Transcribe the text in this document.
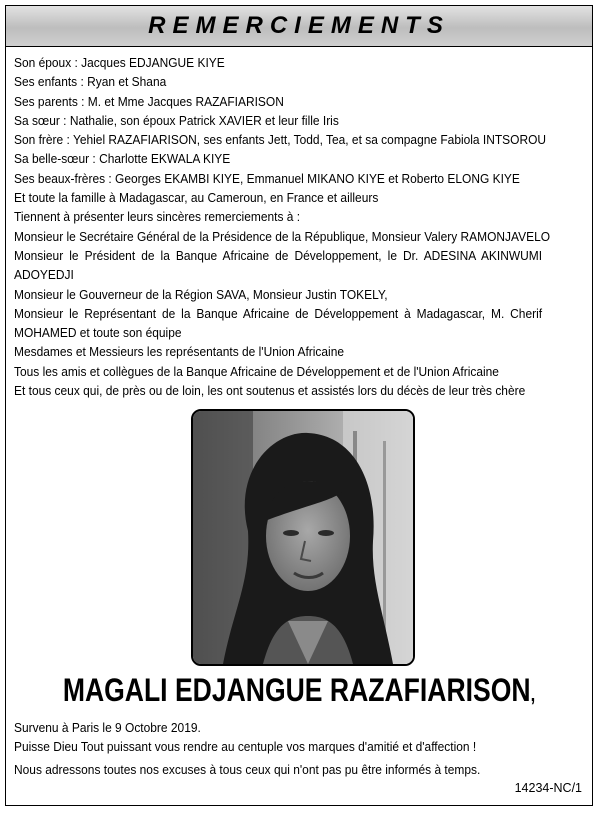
REMERCIEMENTS
Son époux : Jacques EDJANGUE KIYE
Ses enfants : Ryan et Shana
Ses parents : M. et Mme Jacques RAZAFIARISON
Sa sœur : Nathalie, son époux Patrick XAVIER et leur fille Iris
Son frère : Yehiel RAZAFIARISON, ses enfants Jett, Todd, Tea, et sa compagne Fabiola INTSOROU
Sa belle-sœur : Charlotte EKWALA KIYE
Ses beaux-frères : Georges EKAMBI KIYE, Emmanuel MIKANO KIYE et Roberto ELONG KIYE
Et toute la famille à Madagascar, au Cameroun, en France et ailleurs
Tiennent à présenter leurs sincères remerciements à :
Monsieur le Secrétaire Général de la Présidence de la République, Monsieur Valery RAMONJAVELO
Monsieur le Président de la Banque Africaine de Développement, le Dr. ADESINA AKINWUMI ADOYEDJI
Monsieur le Gouverneur de la Région SAVA, Monsieur Justin TOKELY,
Monsieur le Représentant de la Banque Africaine de Développement à Madagascar, M. Cherif MOHAMED et toute son équipe
Mesdames et Messieurs les représentants de l'Union Africaine
Tous les amis et collègues de la Banque Africaine de Développement et de l'Union Africaine
Et tous ceux qui, de près ou de loin, les ont soutenus et assistés lors du décès de leur très chère
MAGALI EDJANGUE RAZAFIARISON,
Survenu à Paris le 9 Octobre 2019.
Puisse Dieu Tout puissant vous rendre au centuple vos marques d'amitié et d'affection !
Nous adressons toutes nos excuses à tous ceux qui n'ont pas pu être informés à temps.
14234-NC/1
